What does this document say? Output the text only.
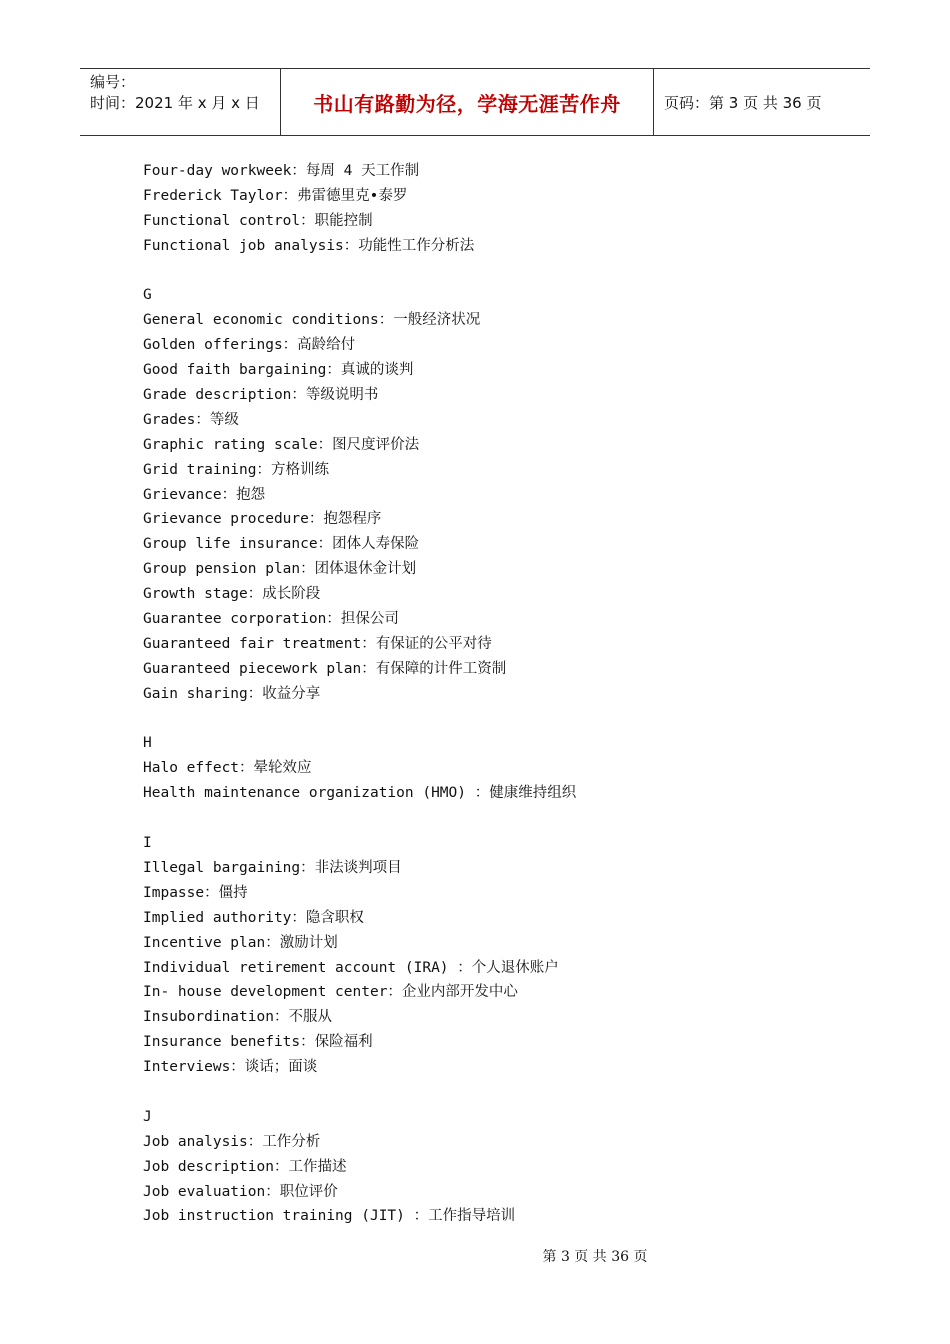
编号：
时间：2021 年 x 月 x 日	书山有路勤为径，学海无涯苦作舟	页码：第 3 页 共 36 页
Four-day workweek：每周 4 天工作制
Frederick Taylor：弗雷德里克•泰罗
Functional control：职能控制
Functional job analysis：功能性工作分析法
G
General economic conditions：一般经济状况
Golden offerings：高龄给付
Good faith bargaining：真诚的谈判
Grade description：等级说明书
Grades：等级
Graphic rating scale：图尺度评价法
Grid training：方格训练
Grievance：抱怨
Grievance procedure：抱怨程序
Group life insurance：团体人寿保险
Group pension plan：团体退休金计划
Growth stage：成长阶段
Guarantee corporation：担保公司
Guaranteed fair treatment：有保证的公平对待
Guaranteed piecework plan：有保障的计件工资制
Gain sharing：收益分享
H
Halo effect：晕轮效应
Health maintenance organization (HMO) ：健康维持组织
I
Illegal bargaining：非法谈判项目
Impasse：僵持
Implied authority：隐含职权
Incentive plan：激励计划
Individual retirement account (IRA) ：个人退休账户
In- house development center：企业内部开发中心
Insubordination：不服从
Insurance benefits：保险福利
Interviews：谈话；面谈
J
Job analysis：工作分析
Job description：工作描述
Job evaluation：职位评价
Job instruction training (JIT) ：工作指导培训
第 3 页 共 36 页
